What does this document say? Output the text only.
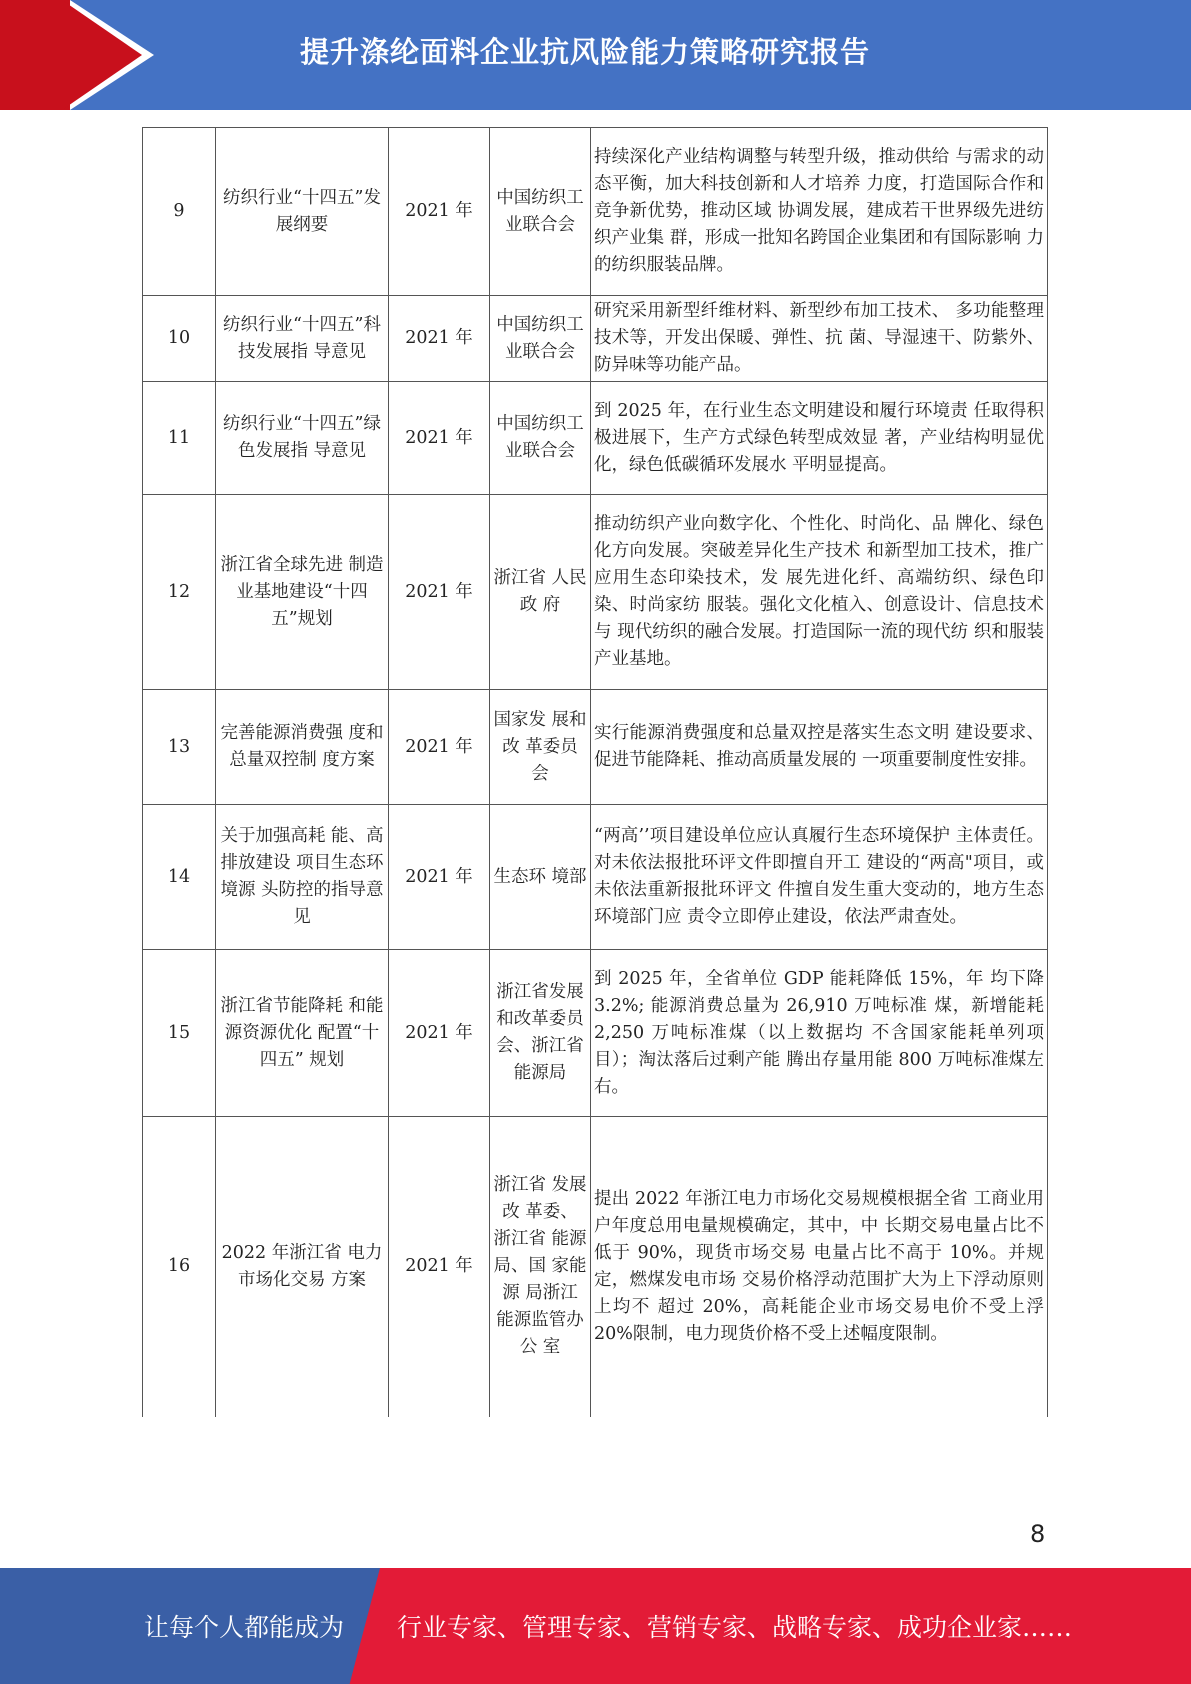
提升涤纶面料企业抗风险能力策略研究报告
9	纺织行业“十四五”发展纲要	2021 年	中国纺织工业联合会	持续深化产业结构调整与转型升级，推动供给 与需求的动态平衡，加大科技创新和人才培养 力度，打造国际合作和竞争新优势，推动区域 协调发展，建成若干世界级先进纺织产业集 群，形成一批知名跨国企业集团和有国际影响 力的纺织服装品牌。
10	纺织行业“十四五”科技发展指 导意见	2021 年	中国纺织工业联合会	研究采用新型纤维材料、新型纱布加工技术、 多功能整理技术等，开发出保暖、弹性、抗 菌、导湿速干、防紫外、防异味等功能产品。
11	纺织行业“十四五”绿色发展指 导意见	2021 年	中国纺织工业联合会	到 2025 年，在行业生态文明建设和履行环境责 任取得积极进展下，生产方式绿色转型成效显 著，产业结构明显优化，绿色低碳循环发展水 平明显提高。
12	浙江省全球先进 制造业基地建设“十四五”规划	2021 年	浙江省 人民政 府	推动纺织产业向数字化、个性化、时尚化、品 牌化、绿色化方向发展。突破差异化生产技术 和新型加工技术，推广应用生态印染技术，发 展先进化纤、高端纺织、绿色印染、时尚家纺 服装。强化文化植入、创意设计、信息技术与 现代纺织的融合发展。打造国际一流的现代纺 织和服装产业基地。
13	完善能源消费强 度和总量双控制 度方案	2021 年	国家发 展和改 革委员 会	实行能源消费强度和总量双控是落实生态文明 建设要求、促进节能降耗、推动高质量发展的 一项重要制度性安排。
14	关于加强高耗 能、高排放建设 项目生态环境源 头防控的指导意 见	2021 年	生态环 境部	“两高’’项目建设单位应认真履行生态环境保护 主体责任。对未依法报批环评文件即擅自开工 建设的“两高"项目，或未依法重新报批环评文 件擅自发生重大变动的，地方生态环境部门应 责令立即停止建设，依法严肃查处。
15	浙江省节能降耗 和能源资源优化 配置“十四五” 规划	2021 年	浙江省发展和改革委员会、浙江省能源局	到 2025 年，全省单位 GDP 能耗降低 15%，年 均下降 3.2%; 能源消费总量为 26,910 万吨标准 煤，新增能耗 2,250 万吨标准煤（以上数据均 不含国家能耗单列项目）；淘汰落后过剩产能 腾出存量用能 800 万吨标准煤左右。
16	2022 年浙江省 电力市场化交易 方案	2021 年	浙江省 发展改 革委、 浙江省 能源局、国 家能源 局浙江 能源监管办公 室	提出 2022 年浙江电力市场化交易规模根据全省 工商业用户年度总用电量规模确定，其中，中 长期交易电量占比不低于 90%，现货市场交易 电量占比不高于 10%。并规定，燃煤发电市场 交易价格浮动范围扩大为上下浮动原则上均不 超过 20%，高耗能企业市场交易电价不受上浮 20%限制，电力现货价格不受上述幅度限制。
8
让每个人都能成为 行业专家、管理专家、营销专家、战略专家、成功企业家……
